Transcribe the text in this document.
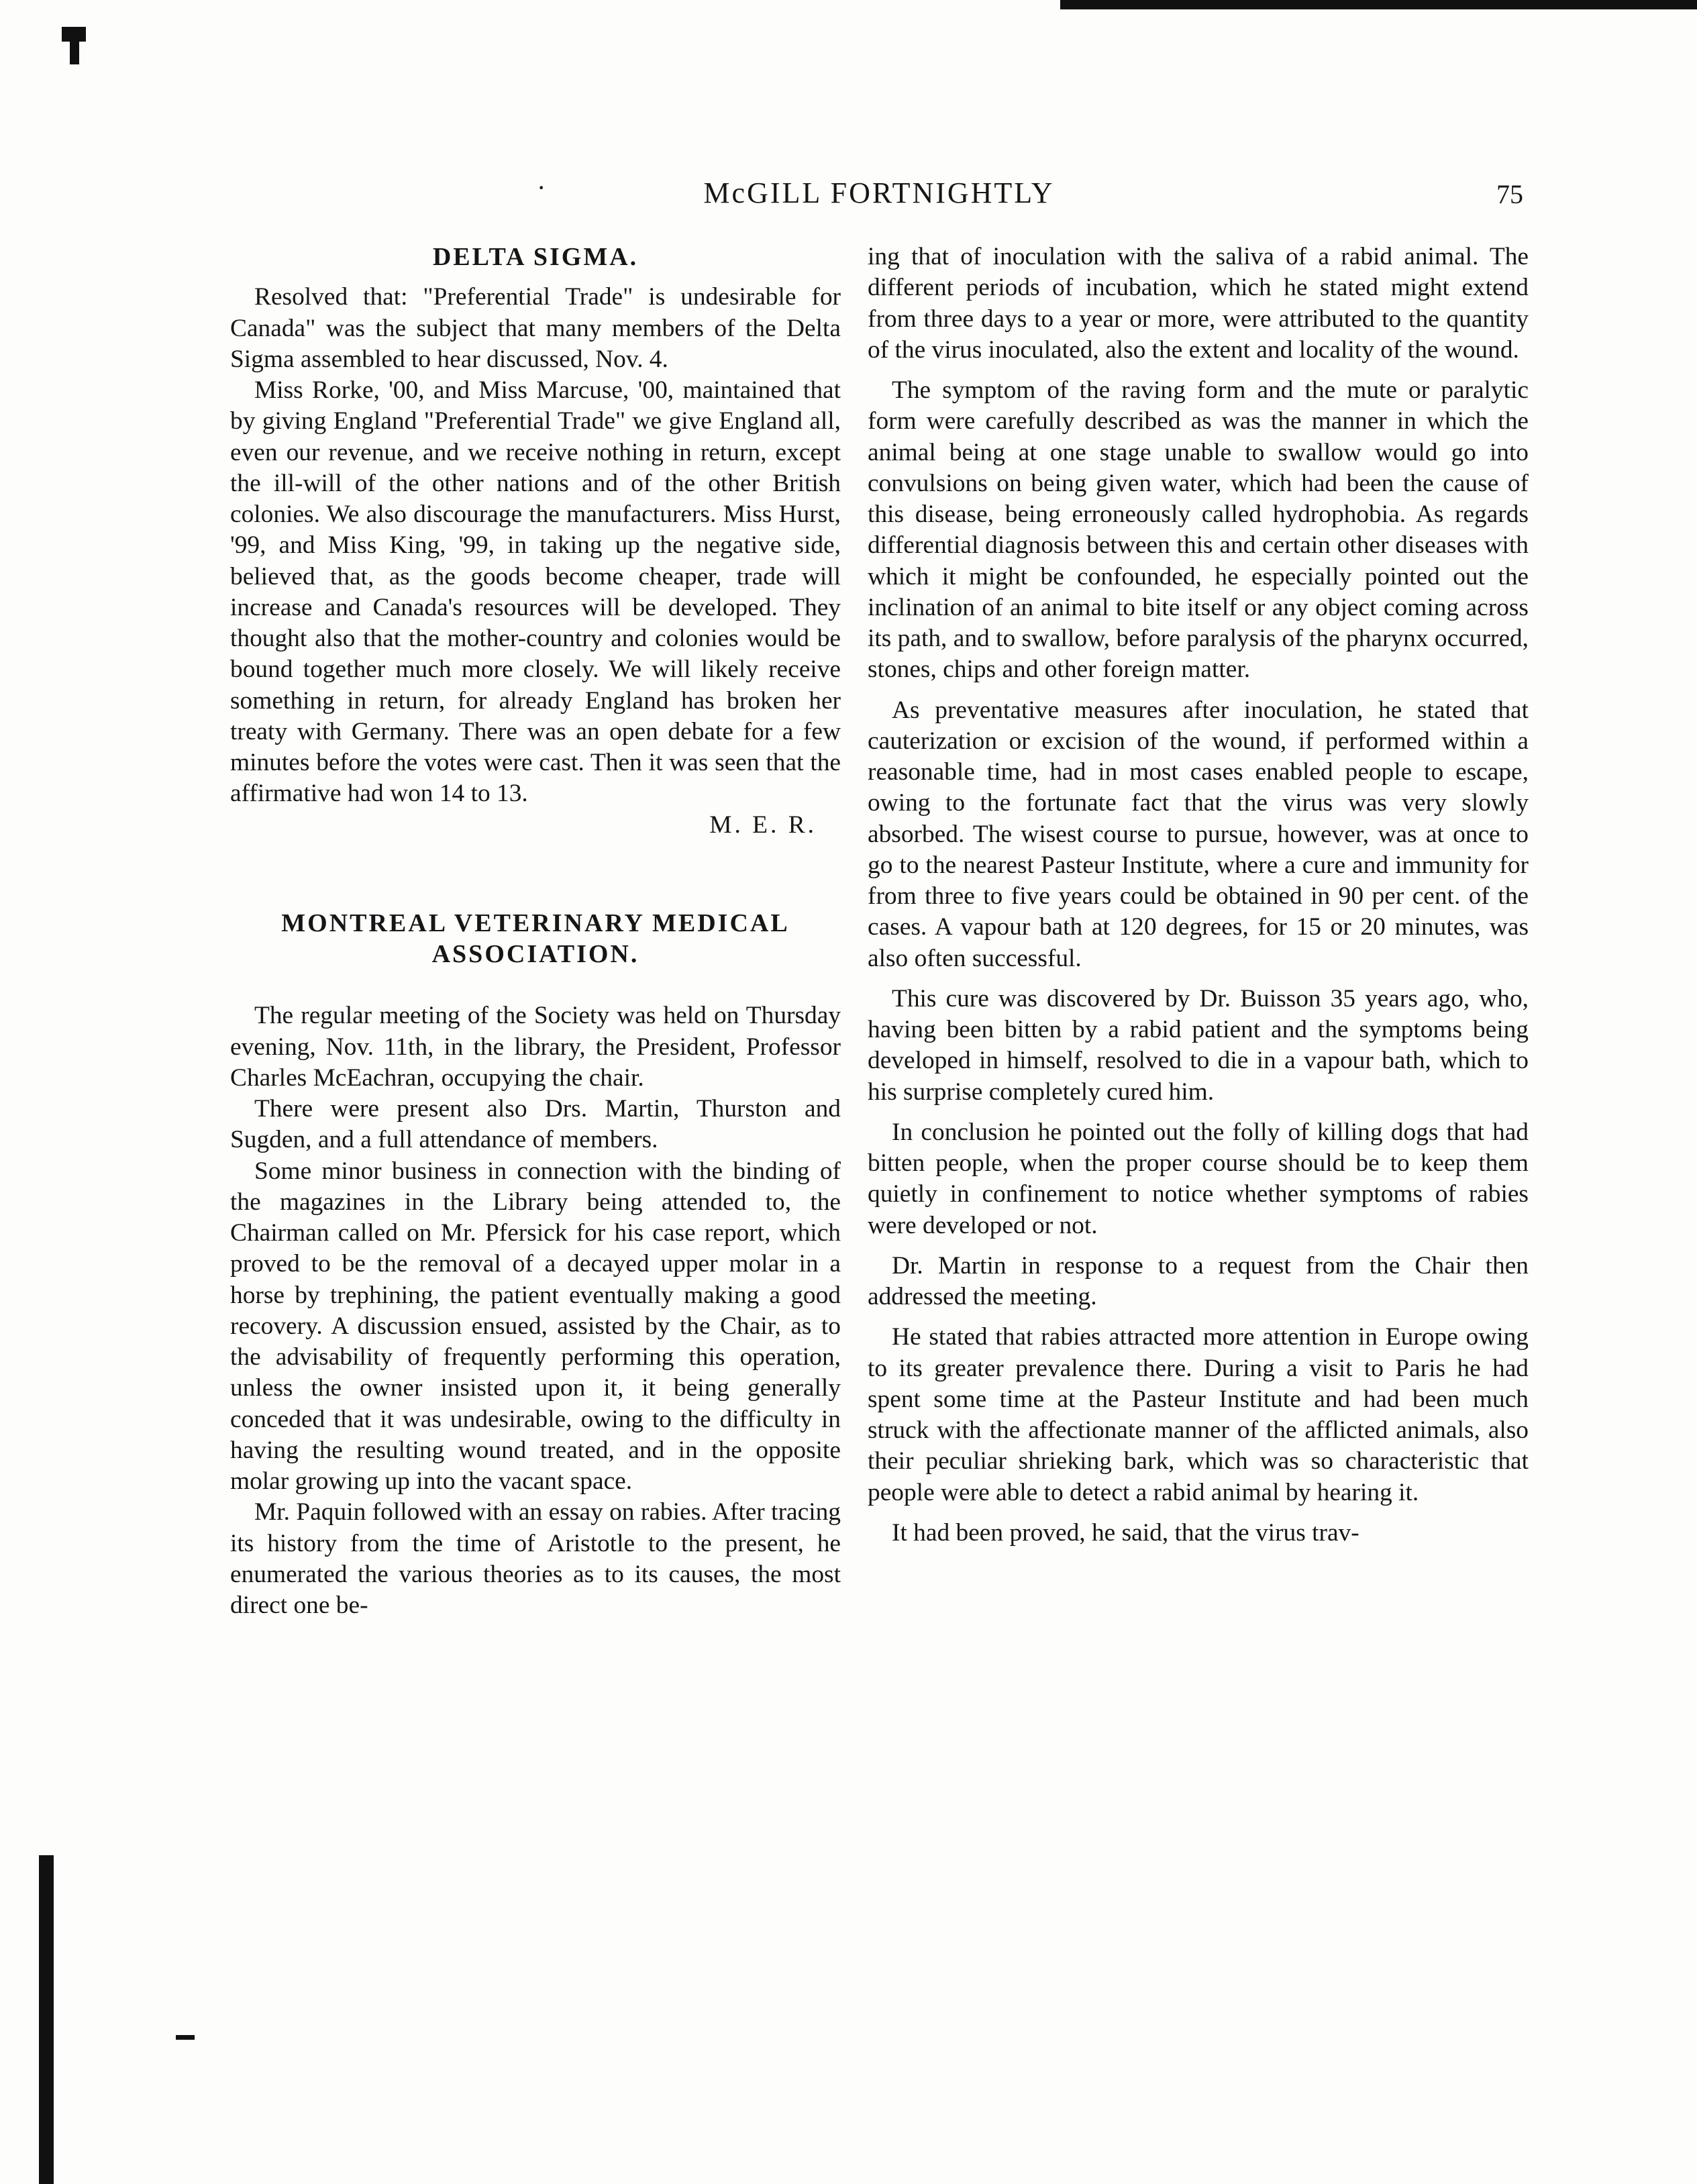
·	McGILL FORTNIGHTLY	75
DELTA SIGMA.

Resolved that: "Preferential Trade" is undesirable for Canada" was the subject that many members of the Delta Sigma assembled to hear discussed, Nov. 4.

Miss Rorke, '00, and Miss Marcuse, '00, maintained that by giving England "Preferential Trade" we give England all, even our revenue, and we receive nothing in return, except the ill-will of the other nations and of the other British colonies. We also discourage the manufacturers. Miss Hurst, '99, and Miss King, '99, in taking up the negative side, believed that, as the goods become cheaper, trade will increase and Canada's resources will be developed. They thought also that the mother-country and colonies would be bound together much more closely. We will likely receive something in return, for already England has broken her treaty with Germany. There was an open debate for a few minutes before the votes were cast. Then it was seen that the affirmative had won 14 to 13.

M. E. R.

MONTREAL VETERINARY MEDICAL
ASSOCIATION.

The regular meeting of the Society was held on Thursday evening, Nov. 11th, in the library, the President, Professor Charles McEachran, occupying the chair.

There were present also Drs. Martin, Thurston and Sugden, and a full attendance of members.

Some minor business in connection with the binding of the magazines in the Library being attended to, the Chairman called on Mr. Pfersick for his case report, which proved to be the removal of a decayed upper molar in a horse by trephining, the patient eventually making a good recovery. A discussion ensued, assisted by the Chair, as to the advisability of frequently performing this operation, unless the owner insisted upon it, it being generally conceded that it was undesirable, owing to the difficulty in having the resulting wound treated, and in the opposite molar growing up into the vacant space.

Mr. Paquin followed with an essay on rabies. After tracing its history from the time of Aristotle to the present, he enumerated the various theories as to its causes, the most direct one be-

ing that of inoculation with the saliva of a rabid animal. The different periods of incubation, which he stated might extend from three days to a year or more, were attributed to the quantity of the virus inoculated, also the extent and locality of the wound.

The symptom of the raving form and the mute or paralytic form were carefully described as was the manner in which the animal being at one stage unable to swallow would go into convulsions on being given water, which had been the cause of this disease, being erroneously called hydrophobia. As regards differential diagnosis between this and certain other diseases with which it might be confounded, he especially pointed out the inclination of an animal to bite itself or any object coming across its path, and to swallow, before paralysis of the pharynx occurred, stones, chips and other foreign matter.

As preventative measures after inoculation, he stated that cauterization or excision of the wound, if performed within a reasonable time, had in most cases enabled people to escape, owing to the fortunate fact that the virus was very slowly absorbed. The wisest course to pursue, however, was at once to go to the nearest Pasteur Institute, where a cure and immunity for from three to five years could be obtained in 90 per cent. of the cases. A vapour bath at 120 degrees, for 15 or 20 minutes, was also often successful.

This cure was discovered by Dr. Buisson 35 years ago, who, having been bitten by a rabid patient and the symptoms being developed in himself, resolved to die in a vapour bath, which to his surprise completely cured him.

In conclusion he pointed out the folly of killing dogs that had bitten people, when the proper course should be to keep them quietly in confinement to notice whether symptoms of rabies were developed or not.

Dr. Martin in response to a request from the Chair then addressed the meeting.

He stated that rabies attracted more attention in Europe owing to its greater prevalence there. During a visit to Paris he had spent some time at the Pasteur Institute and had been much struck with the affectionate manner of the afflicted animals, also their peculiar shrieking bark, which was so characteristic that people were able to detect a rabid animal by hearing it.

It had been proved, he said, that the virus trav-
